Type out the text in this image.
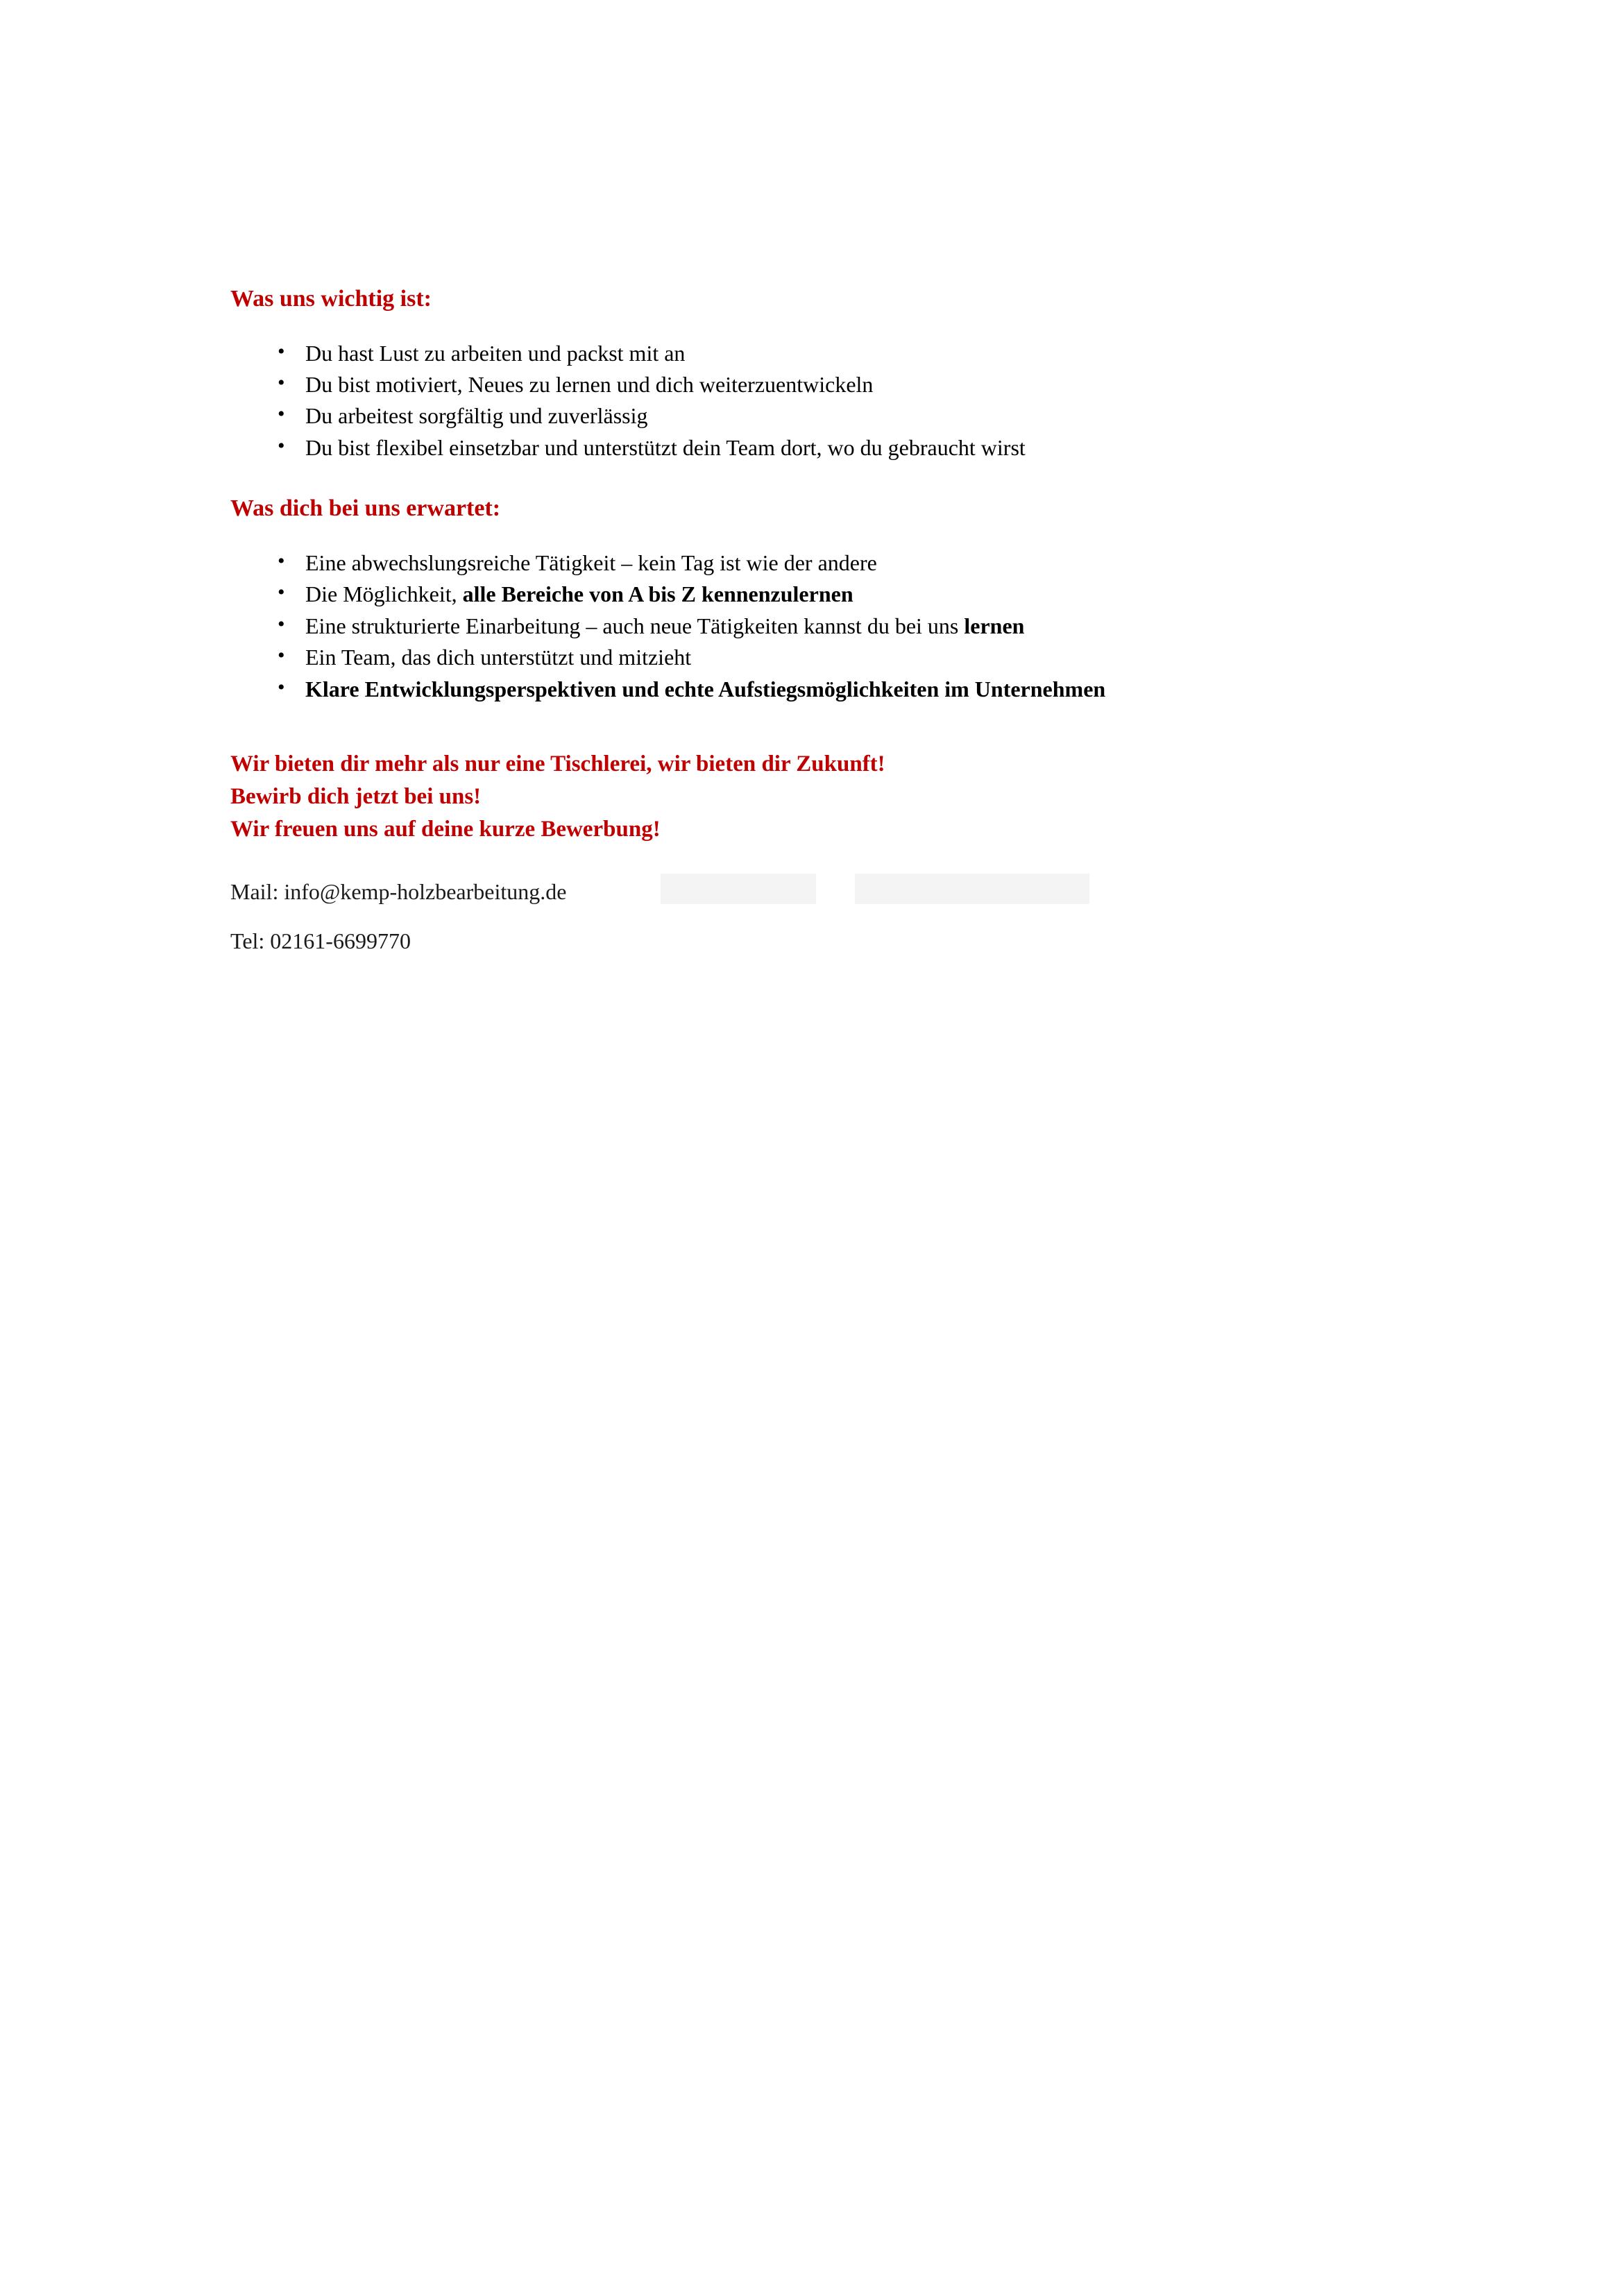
Was uns wichtig ist:

• Du hast Lust zu arbeiten und packst mit an
• Du bist motiviert, Neues zu lernen und dich weiterzuentwickeln
• Du arbeitest sorgfältig und zuverlässig
• Du bist flexibel einsetzbar und unterstützt dein Team dort, wo du gebraucht wirst

Was dich bei uns erwartet:

• Eine abwechslungsreiche Tätigkeit – kein Tag ist wie der andere
• Die Möglichkeit, alle Bereiche von A bis Z kennenzulernen
• Eine strukturierte Einarbeitung – auch neue Tätigkeiten kannst du bei uns lernen
• Ein Team, das dich unterstützt und mitzieht
• Klare Entwicklungsperspektiven und echte Aufstiegsmöglichkeiten im Unternehmen
Wir bieten dir mehr als nur eine Tischlerei, wir bieten dir Zukunft!
Bewirb dich jetzt bei uns!
Wir freuen uns auf deine kurze Bewerbung!
Mail: info@kemp-holzbearbeitung.de
Tel: 02161-6699770
